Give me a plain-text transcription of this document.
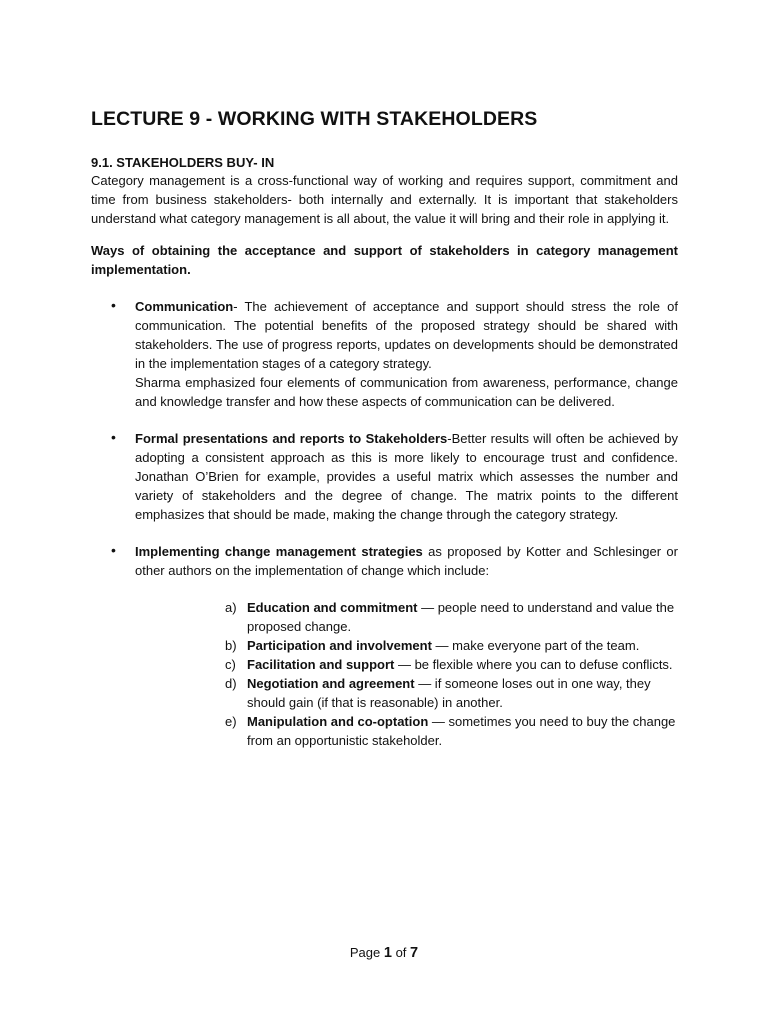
LECTURE 9 - WORKING WITH STAKEHOLDERS
9.1. STAKEHOLDERS BUY- IN

Category management is a cross-functional way of working and requires support, commitment and time from business stakeholders- both internally and externally. It is important that stakeholders understand what category management is all about, the value it will bring and their role in applying it.

Ways of obtaining the acceptance and support of stakeholders in category management implementation.

• Communication- The achievement of acceptance and support should stress the role of communication. The potential benefits of the proposed strategy should be shared with stakeholders. The use of progress reports, updates on developments should be demonstrated in the implementation stages of a category strategy.

Sharma emphasized four elements of communication from awareness, performance, change and knowledge transfer and how these aspects of communication can be delivered.

• Formal presentations and reports to Stakeholders-Better results will often be achieved by adopting a consistent approach as this is more likely to encourage trust and confidence. Jonathan O’Brien for example, provides a useful matrix which assesses the number and variety of stakeholders and the degree of change. The matrix points to the different emphasizes that should be made, making the change through the category strategy.

• Implementing change management strategies as proposed by Kotter and Schlesinger or other authors on the implementation of change which include:

a) Education and commitment — people need to understand and value the proposed change.
b) Participation and involvement — make everyone part of the team.
c) Facilitation and support — be flexible where you can to defuse conflicts.
d) Negotiation and agreement — if someone loses out in one way, they should gain (if that is reasonable) in another.
e) Manipulation and co-optation — sometimes you need to buy the change from an opportunistic stakeholder.
Page 1 of 7
